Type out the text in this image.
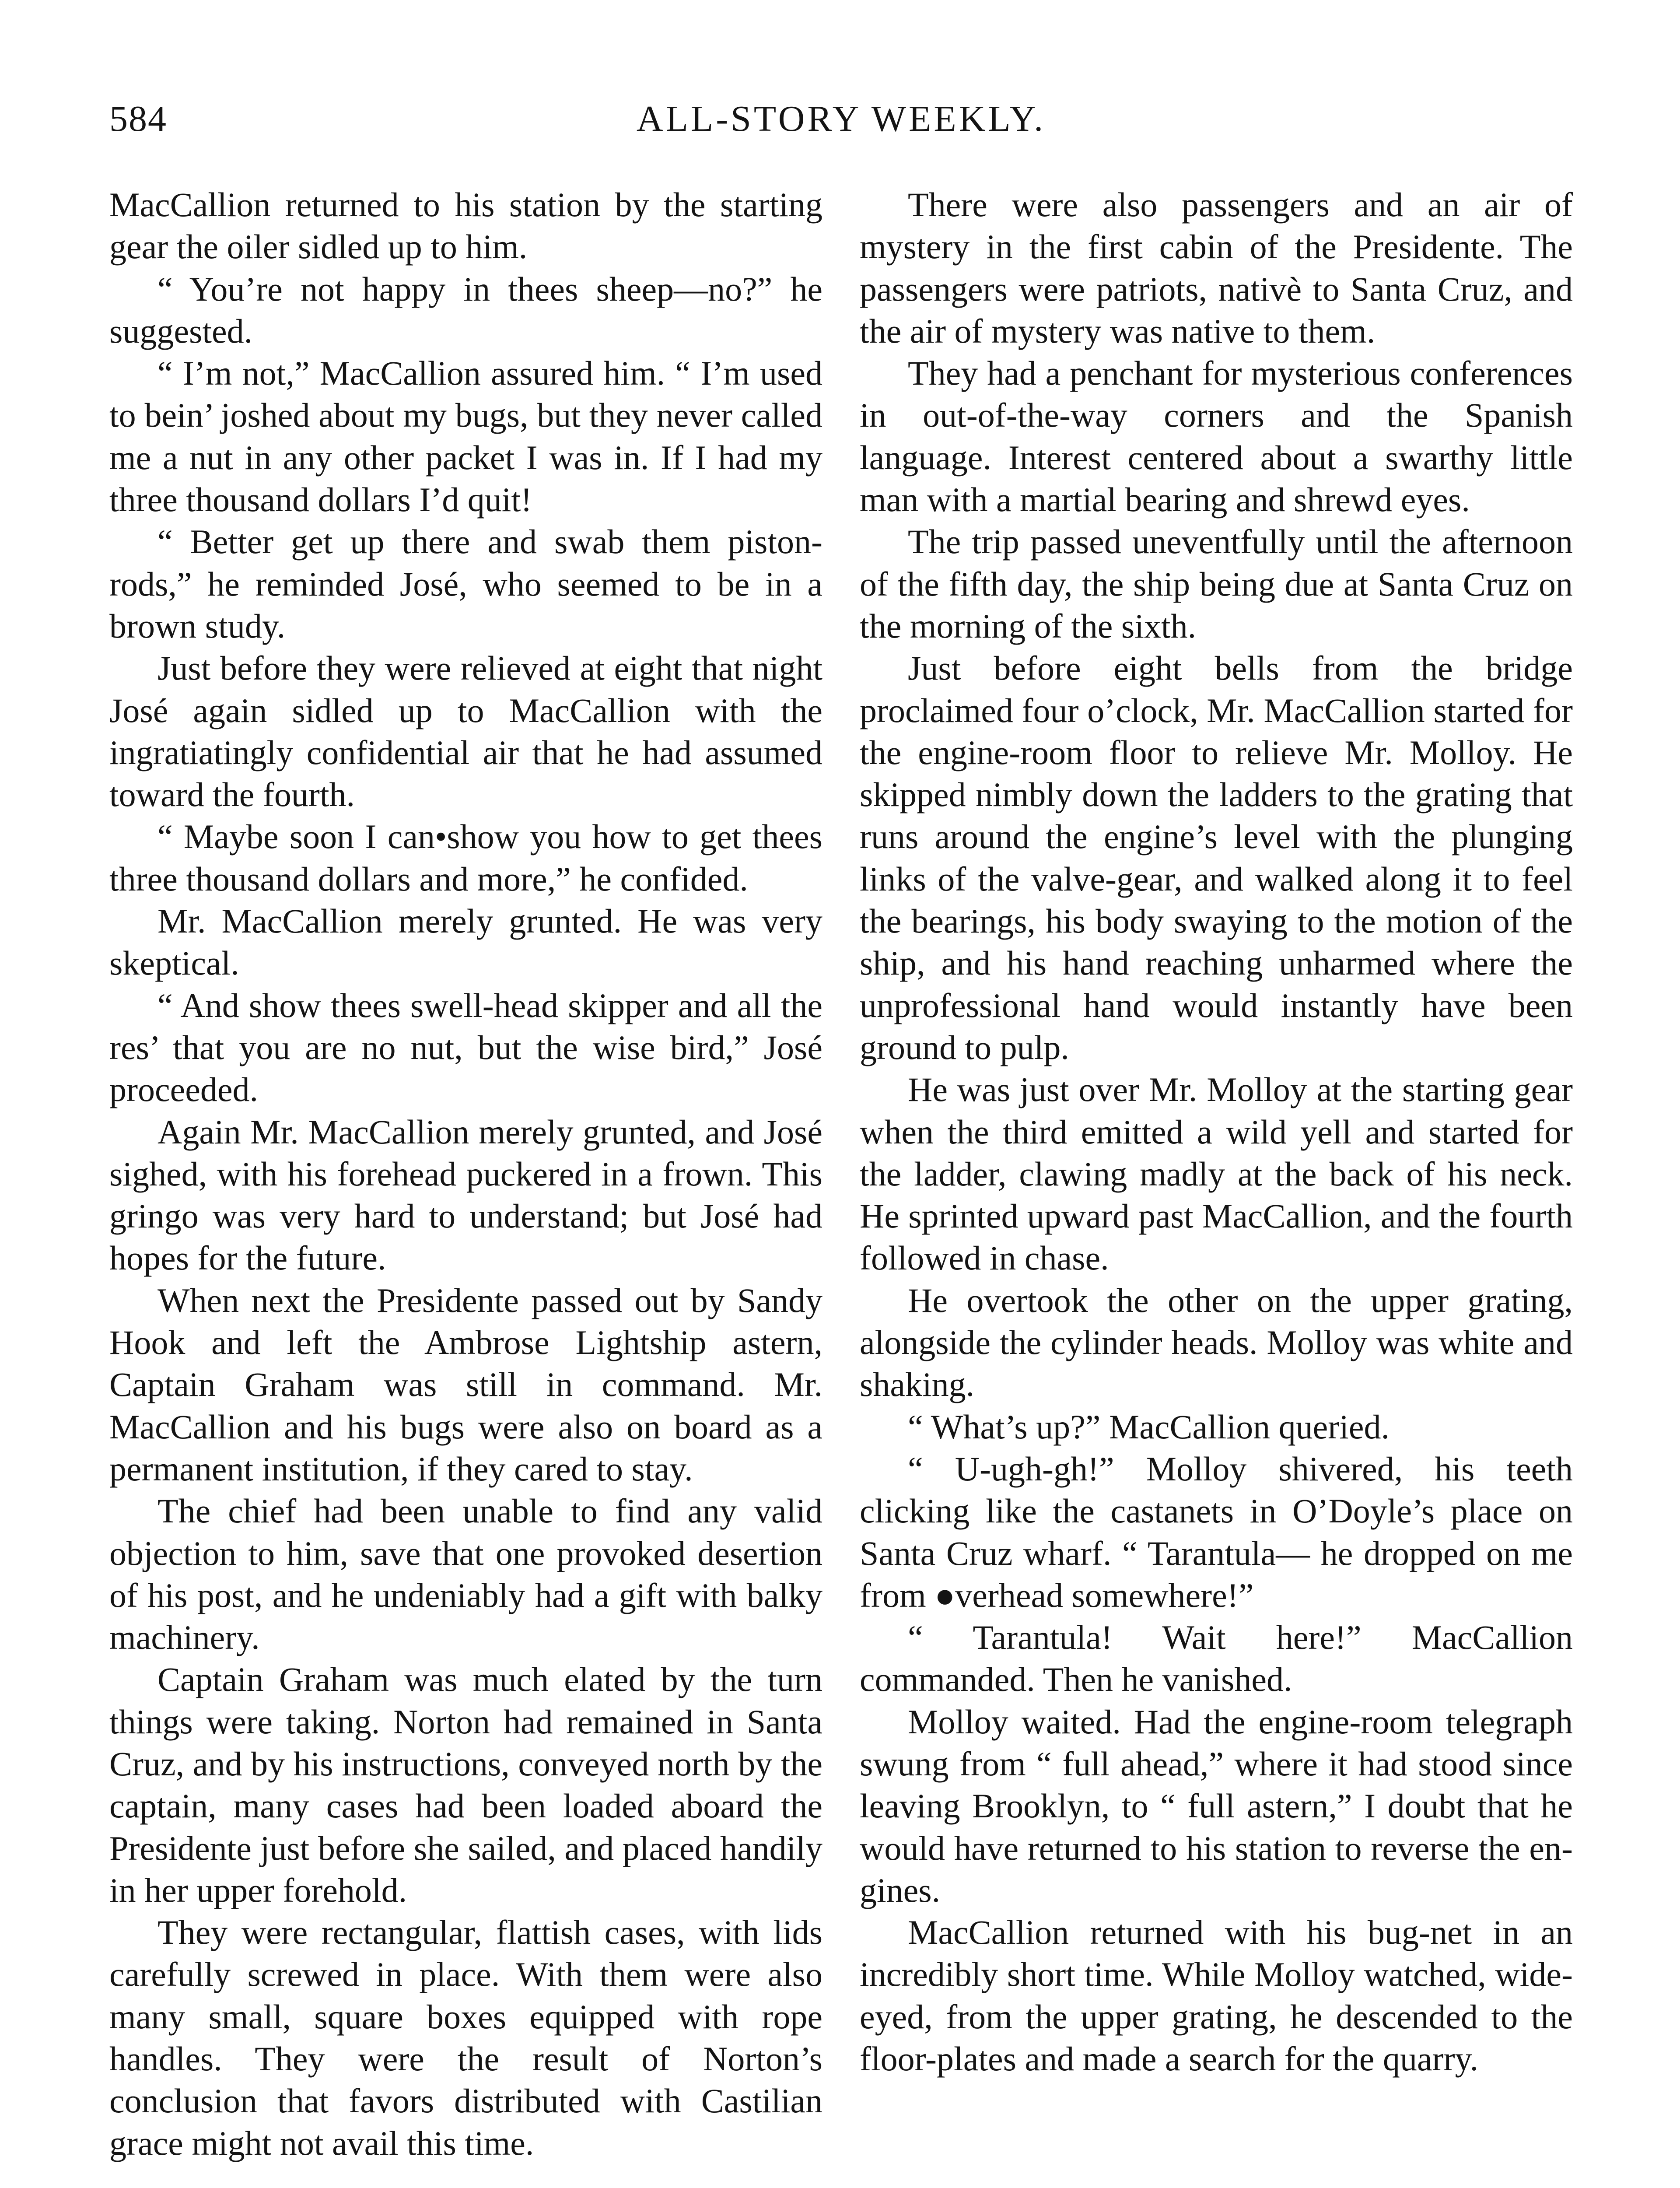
584	ALL-STORY WEEKLY.

MacCallion returned to his station by the starting gear the oiler sidled up to him.

“ You’re not happy in thees sheep—no?” he suggested.

“ I’m not,” MacCallion assured him. “ I’m used to bein’ joshed about my bugs, but they never called me a nut in any other packet I was in. If I had my three thousand dollars I’d quit!

“ Better get up there and swab them piston-rods,” he reminded José, who seemed to be in a brown study.

Just before they were relieved at eight that night José again sidled up to MacCallion with the ingratiatingly confidential air that he had assumed toward the fourth.

“ Maybe soon I can•show you how to get thees three thousand dollars and more,” he confided.

Mr. MacCallion merely grunted. He was very skeptical.

“ And show thees swell-head skipper and all the res’ that you are no nut, but the wise bird,” José proceeded.

Again Mr. MacCallion merely grunted, and José sighed, with his forehead puckered in a frown. This gringo was very hard to understand; but José had hopes for the future.

When next the Presidente passed out by Sandy Hook and left the Ambrose Lightship astern, Captain Graham was still in command. Mr. MacCallion and his bugs were also on board as a permanent institution, if they cared to stay.

The chief had been unable to find any valid objection to him, save that one provoked desertion of his post, and he undeniably had a gift with balky machinery.

Captain Graham was much elated by the turn things were taking. Norton had remained in Santa Cruz, and by his instructions, conveyed north by the captain, many cases had been loaded aboard the Presidente just before she sailed, and placed handily in her upper forehold.

They were rectangular, flattish cases, with lids carefully screwed in place. With them were also many small, square boxes equipped with rope handles. They were the result of Norton’s conclusion that favors distributed with Castilian grace might not avail this time.

There were also passengers and an air of mystery in the first cabin of the Presidente. The passengers were patriots, nativè to Santa Cruz, and the air of mystery was native to them.

They had a penchant for mysterious conferences in out-of-the-way corners and the Spanish language. Interest centered about a swarthy little man with a martial bearing and shrewd eyes.

The trip passed uneventfully until the afternoon of the fifth day, the ship being due at Santa Cruz on the morning of the sixth.

Just before eight bells from the bridge proclaimed four o’clock, Mr. MacCallion started for the engine-room floor to relieve Mr. Molloy. He skipped nimbly down the ladders to the grating that runs around the engine’s level with the plunging links of the valve-gear, and walked along it to feel the bearings, his body swaying to the motion of the ship, and his hand reaching unharmed where the unprofessional hand would instantly have been ground to pulp.

He was just over Mr. Molloy at the starting gear when the third emitted a wild yell and started for the ladder, clawing madly at the back of his neck. He sprinted upward past MacCallion, and the fourth followed in chase.

He overtook the other on the upper grating, alongside the cylinder heads. Molloy was white and shaking.

“ What’s up?” MacCallion queried.

“ U-ugh-gh!” Molloy shivered, his teeth clicking like the castanets in O’Doyle’s place on Santa Cruz wharf. “ Tarantula— he dropped on me from ●verhead somewhere!”

“ Tarantula! Wait here!” MacCallion commanded. Then he vanished.

Molloy waited. Had the engine-room telegraph swung from “ full ahead,” where it had stood since leaving Brooklyn, to “ full astern,” I doubt that he would have returned to his station to reverse the engines.

MacCallion returned with his bug-net in an incredibly short time. While Molloy watched, wide-eyed, from the upper grating, he descended to the floor-plates and made a search for the quarry.
